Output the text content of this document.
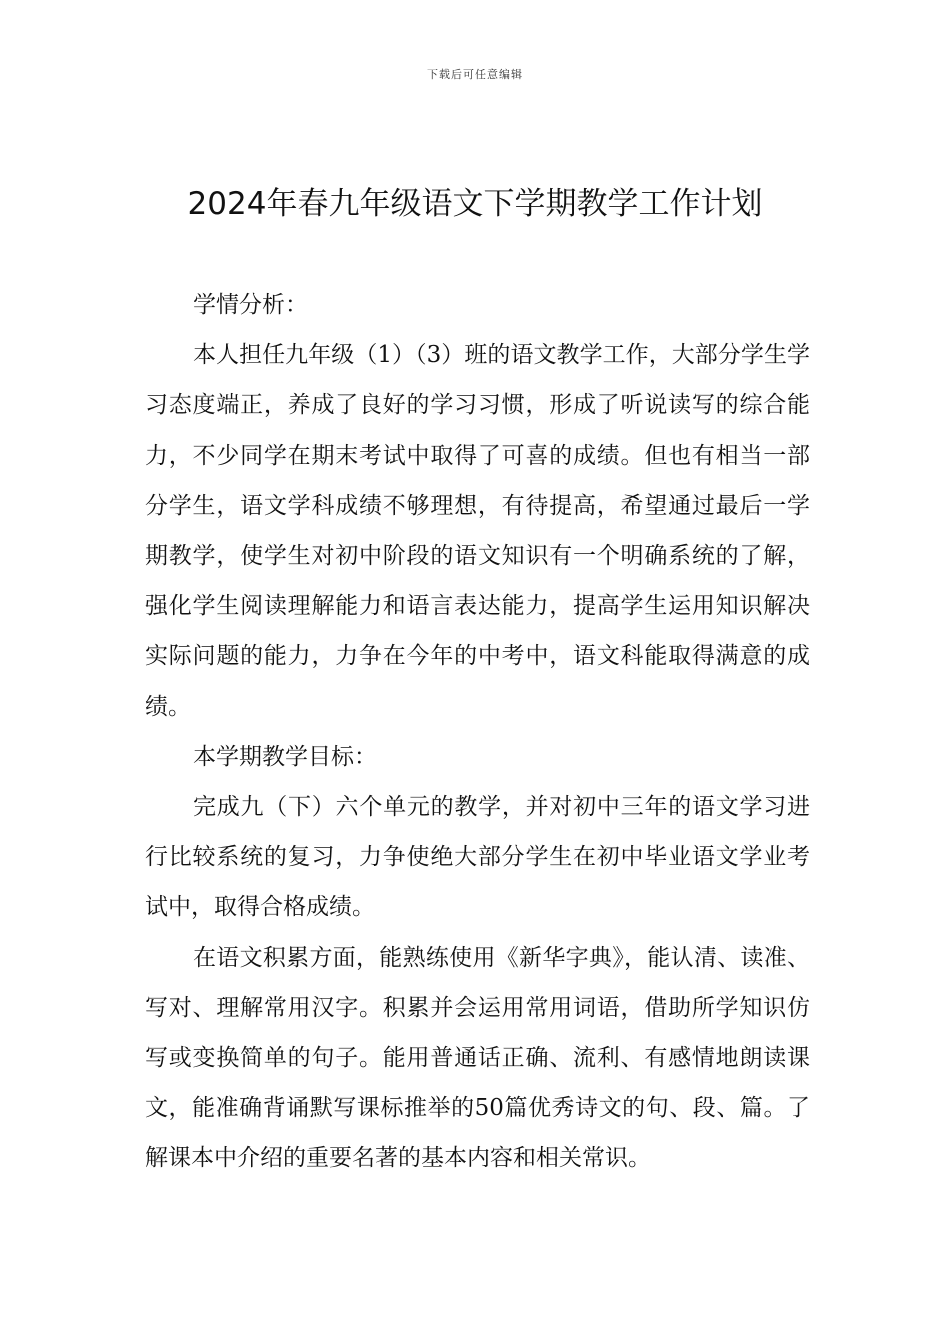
下载后可任意编辑
2024年春九年级语文下学期教学工作计划

学情分析：

本人担任九年级（1）（3）班的语文教学工作，大部分学生学习态度端正，养成了良好的学习习惯，形成了听说读写的综合能力，不少同学在期末考试中取得了可喜的成绩。但也有相当一部分学生，语文学科成绩不够理想，有待提高，希望通过最后一学期教学，使学生对初中阶段的语文知识有一个明确系统的了解，强化学生阅读理解能力和语言表达能力，提高学生运用知识解决实际问题的能力，力争在今年的中考中，语文科能取得满意的成绩。

本学期教学目标：

完成九（下）六个单元的教学，并对初中三年的语文学习进行比较系统的复习，力争使绝大部分学生在初中毕业语文学业考试中，取得合格成绩。

在语文积累方面，能熟练使用《新华字典》，能认清、读准、写对、理解常用汉字。积累并会运用常用词语，借助所学知识仿写或变换简单的句子。能用普通话正确、流利、有感情地朗读课文，能准确背诵默写课标推举的50篇优秀诗文的句、段、篇。了解课本中介绍的重要名著的基本内容和相关常识。
